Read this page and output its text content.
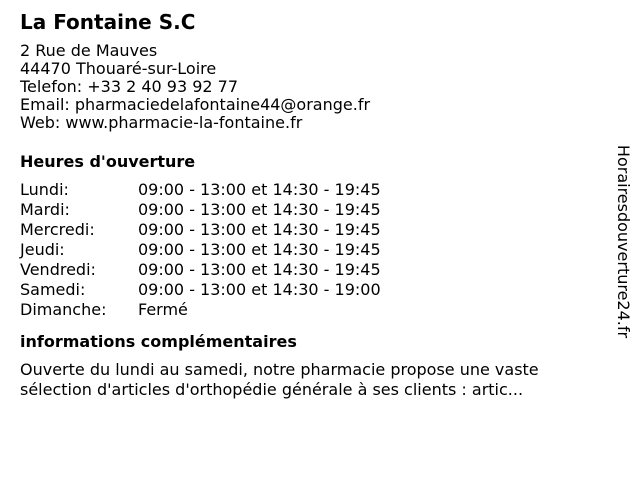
La Fontaine S.C
2 Rue de Mauves
44470 Thouaré-sur-Loire
Telefon: +33 2 40 93 92 77
Email: pharmaciedelafontaine44@orange.fr
Web: www.pharmacie-la-fontaine.fr
Heures d'ouverture
Lundi:	09:00 - 13:00 et 14:30 - 19:45
Mardi:	09:00 - 13:00 et 14:30 - 19:45
Mercredi:	09:00 - 13:00 et 14:30 - 19:45
Jeudi:	09:00 - 13:00 et 14:30 - 19:45
Vendredi:	09:00 - 13:00 et 14:30 - 19:45
Samedi:	09:00 - 13:00 et 14:30 - 19:00
Dimanche:	Fermé
informations complémentaires
Ouverte du lundi au samedi, notre pharmacie propose une vaste sélection d'articles d'orthopédie générale à ses clients : artic...
Horairesdouverture24.fr
